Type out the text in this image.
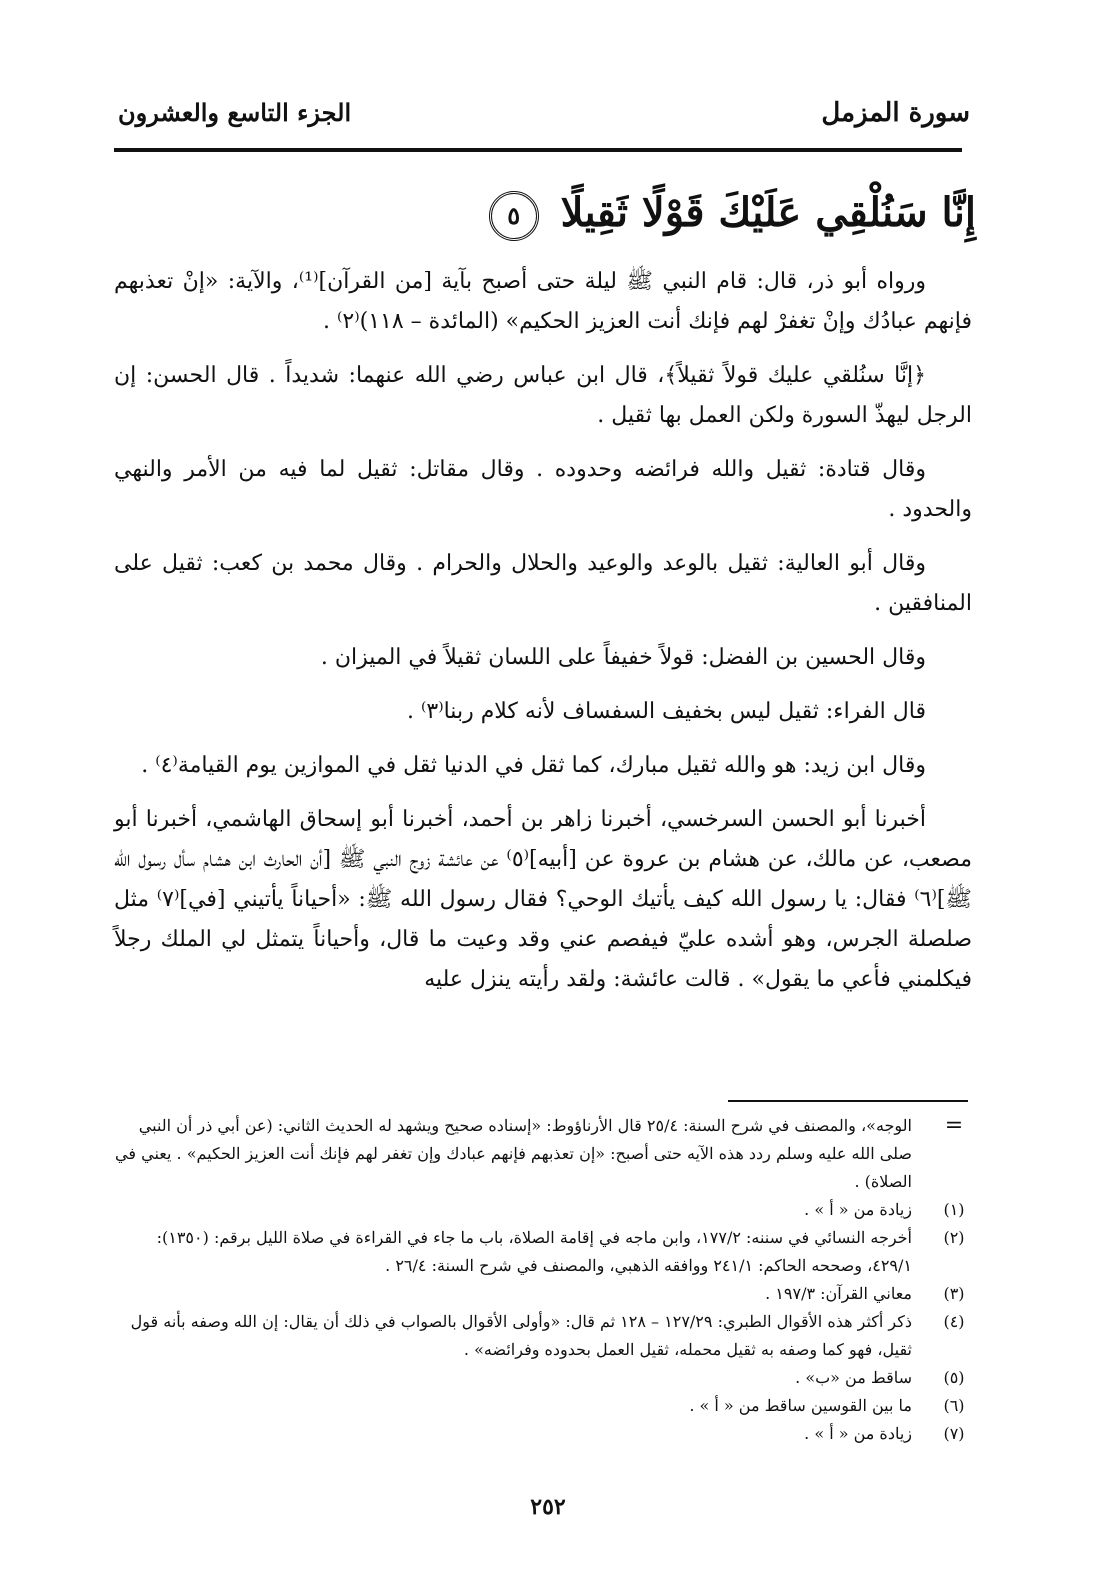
سورة المزمل
الجزء التاسع والعشرون
إِنَّا سَنُلْقِي عَلَيْكَ قَوْلًا ثَقِيلًا ٥

ورواه أبو ذر، قال: قام النبي ﷺ ليلة حتى أصبح بآية [من القرآن]⁽¹⁾، والآية: «إنْ تعذبهم فإنهم عبادُك وإنْ تغفرْ لهم فإنك أنت العزيز الحكيم» (المائدة – ١١٨)⁽٢⁾ .

﴿إنَّا سنُلقي عليك قولاً ثقيلاً﴾، قال ابن عباس رضي الله عنهما: شديداً . قال الحسن: إن الرجل ليهذّ السورة ولكن العمل بها ثقيل .

وقال قتادة: ثقيل والله فرائضه وحدوده . وقال مقاتل: ثقيل لما فيه من الأمر والنهي والحدود .

وقال أبو العالية: ثقيل بالوعد والوعيد والحلال والحرام . وقال محمد بن كعب: ثقيل على المنافقين .

وقال الحسين بن الفضل: قولاً خفيفاً على اللسان ثقيلاً في الميزان .

قال الفراء: ثقيل ليس بخفيف السفساف لأنه كلام ربنا⁽٣⁾ .

وقال ابن زيد: هو والله ثقيل مبارك، كما ثقل في الدنيا ثقل في الموازين يوم القيامة⁽٤⁾ .

أخبرنا أبو الحسن السرخسي، أخبرنا زاهر بن أحمد، أخبرنا أبو إسحاق الهاشمي، أخبرنا أبو مصعب، عن مالك، عن هشام بن عروة عن [أبيه]⁽٥⁾ عن عائشة زوج النبي ﷺ [أن الحارث ابن هشام سأل رسول الله ﷺ]⁽٦⁾ فقال: يا رسول الله كيف يأتيك الوحي؟ فقال رسول الله ﷺ: «أحياناً يأتيني [في]⁽٧⁾ مثل صلصلة الجرس، وهو أشده عليّ فيفصم عني وقد وعيت ما قال، وأحياناً يتمثل لي الملك رجلاً فيكلمني فأعي ما يقول» . قالت عائشة: ولقد رأيته ينزل عليه

=
الوجه»، والمصنف في شرح السنة: ٢٥/٤ قال الأرناؤوط: «إسناده صحيح ويشهد له الحديث الثاني: (عن أبي ذر أن النبي صلى الله عليه وسلم ردد هذه الآيه حتى أصبح: «إن تعذبهم فإنهم عبادك وإن تغفر لهم فإنك أنت العزيز الحكيم» . يعني في الصلاة) .
(١)
زيادة من « أ » .
(٢)
أخرجه النسائي في سننه: ١٧٧/٢، وابن ماجه في إقامة الصلاة، باب ما جاء في القراءة في صلاة الليل برقم: (١٣٥٠): ٤٢٩/١، وصححه الحاكم: ٢٤١/١ ووافقه الذهبي، والمصنف في شرح السنة: ٢٦/٤ .
(٣)
معاني القرآن: ١٩٧/٣ .
(٤)
ذكر أكثر هذه الأقوال الطبري: ١٢٧/٢٩ – ١٢٨ ثم قال: «وأولى الأقوال بالصواب في ذلك أن يقال: إن الله وصفه بأنه قول ثقيل، فهو كما وصفه به ثقيل محمله، ثقيل العمل بحدوده وفرائضه» .
(٥)
ساقط من «ب» .
(٦)
ما بين القوسين ساقط من « أ » .
(٧)
زيادة من « أ » .
٢٥٢
